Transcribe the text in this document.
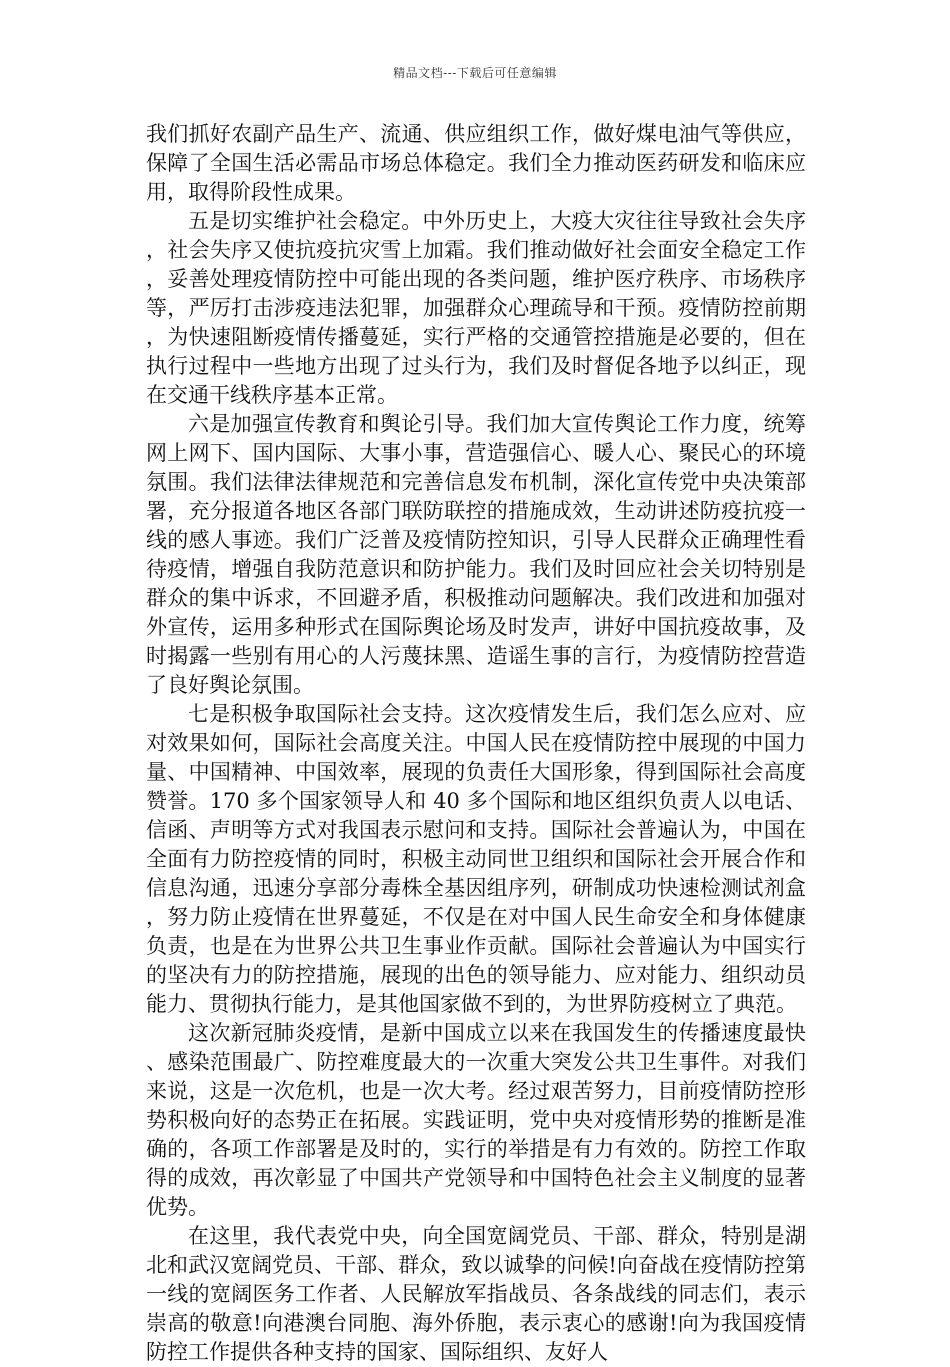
精品文档---下载后可任意编辑

我们抓好农副产品生产、流通、供应组织工作，做好煤电油气等供应，保障了全国生活必需品市场总体稳定。我们全力推动医药研发和临床应用，取得阶段性成果。

五是切实维护社会稳定。中外历史上，大疫大灾往往导致社会失序，社会失序又使抗疫抗灾雪上加霜。我们推动做好社会面安全稳定工作，妥善处理疫情防控中可能出现的各类问题，维护医疗秩序、市场秩序等，严厉打击涉疫违法犯罪，加强群众心理疏导和干预。疫情防控前期，为快速阻断疫情传播蔓延，实行严格的交通管控措施是必要的，但在执行过程中一些地方出现了过头行为，我们及时督促各地予以纠正，现在交通干线秩序基本正常。

六是加强宣传教育和舆论引导。我们加大宣传舆论工作力度，统筹网上网下、国内国际、大事小事，营造强信心、暖人心、聚民心的环境氛围。我们法律法律规范和完善信息发布机制，深化宣传党中央决策部署，充分报道各地区各部门联防联控的措施成效，生动讲述防疫抗疫一线的感人事迹。我们广泛普及疫情防控知识，引导人民群众正确理性看待疫情，增强自我防范意识和防护能力。我们及时回应社会关切特别是群众的集中诉求，不回避矛盾，积极推动问题解决。我们改进和加强对外宣传，运用多种形式在国际舆论场及时发声，讲好中国抗疫故事，及时揭露一些别有用心的人污蔑抹黑、造谣生事的言行，为疫情防控营造了良好舆论氛围。

七是积极争取国际社会支持。这次疫情发生后，我们怎么应对、应对效果如何，国际社会高度关注。中国人民在疫情防控中展现的中国力量、中国精神、中国效率，展现的负责任大国形象，得到国际社会高度赞誉。170 多个国家领导人和 40 多个国际和地区组织负责人以电话、信函、声明等方式对我国表示慰问和支持。国际社会普遍认为，中国在全面有力防控疫情的同时，积极主动同世卫组织和国际社会开展合作和信息沟通，迅速分享部分毒株全基因组序列，研制成功快速检测试剂盒，努力防止疫情在世界蔓延，不仅是在对中国人民生命安全和身体健康负责，也是在为世界公共卫生事业作贡献。国际社会普遍认为中国实行的坚决有力的防控措施，展现的出色的领导能力、应对能力、组织动员能力、贯彻执行能力，是其他国家做不到的，为世界防疫树立了典范。

这次新冠肺炎疫情，是新中国成立以来在我国发生的传播速度最快、感染范围最广、防控难度最大的一次重大突发公共卫生事件。对我们来说，这是一次危机，也是一次大考。经过艰苦努力，目前疫情防控形势积极向好的态势正在拓展。实践证明，党中央对疫情形势的推断是准确的，各项工作部署是及时的，实行的举措是有力有效的。防控工作取得的成效，再次彰显了中国共产党领导和中国特色社会主义制度的显著优势。

在这里，我代表党中央，向全国宽阔党员、干部、群众，特别是湖北和武汉宽阔党员、干部、群众，致以诚挚的问候!向奋战在疫情防控第一线的宽阔医务工作者、人民解放军指战员、各条战线的同志们，表示崇高的敬意!向港澳台同胞、海外侨胞，表示衷心的感谢!向为我国疫情防控工作提供各种支持的国家、国际组织、友好人
